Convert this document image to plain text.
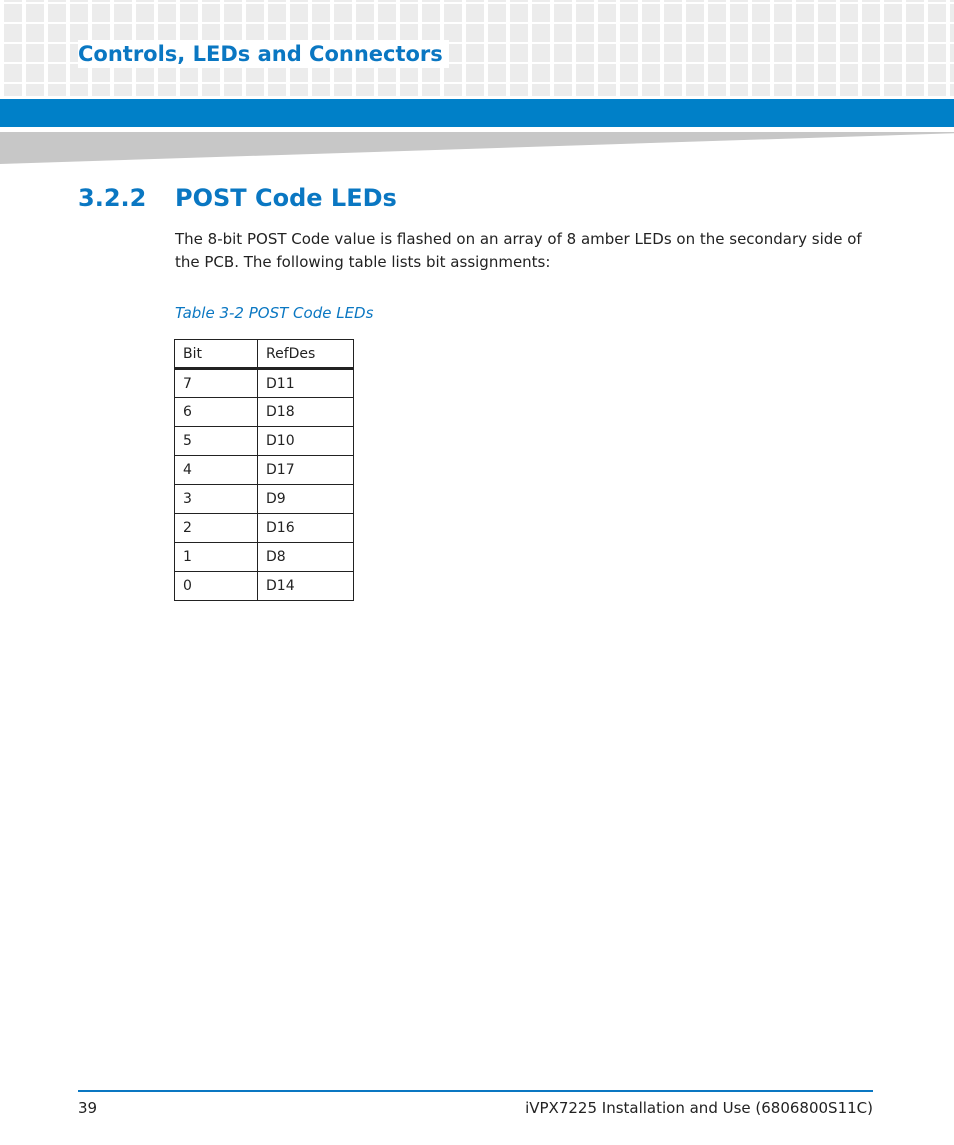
Controls, LEDs and Connectors
3.2.2 POST Code LEDs
The 8-bit POST Code value is flashed on an array of 8 amber LEDs on the secondary side of the PCB. The following table lists bit assignments:
Table 3-2 POST Code LEDs
Bit	RefDes
7	D11
6	D18
5	D10
4	D17
3	D9
2	D16
1	D8
0	D14
39	iVPX7225 Installation and Use (6806800S11C)
